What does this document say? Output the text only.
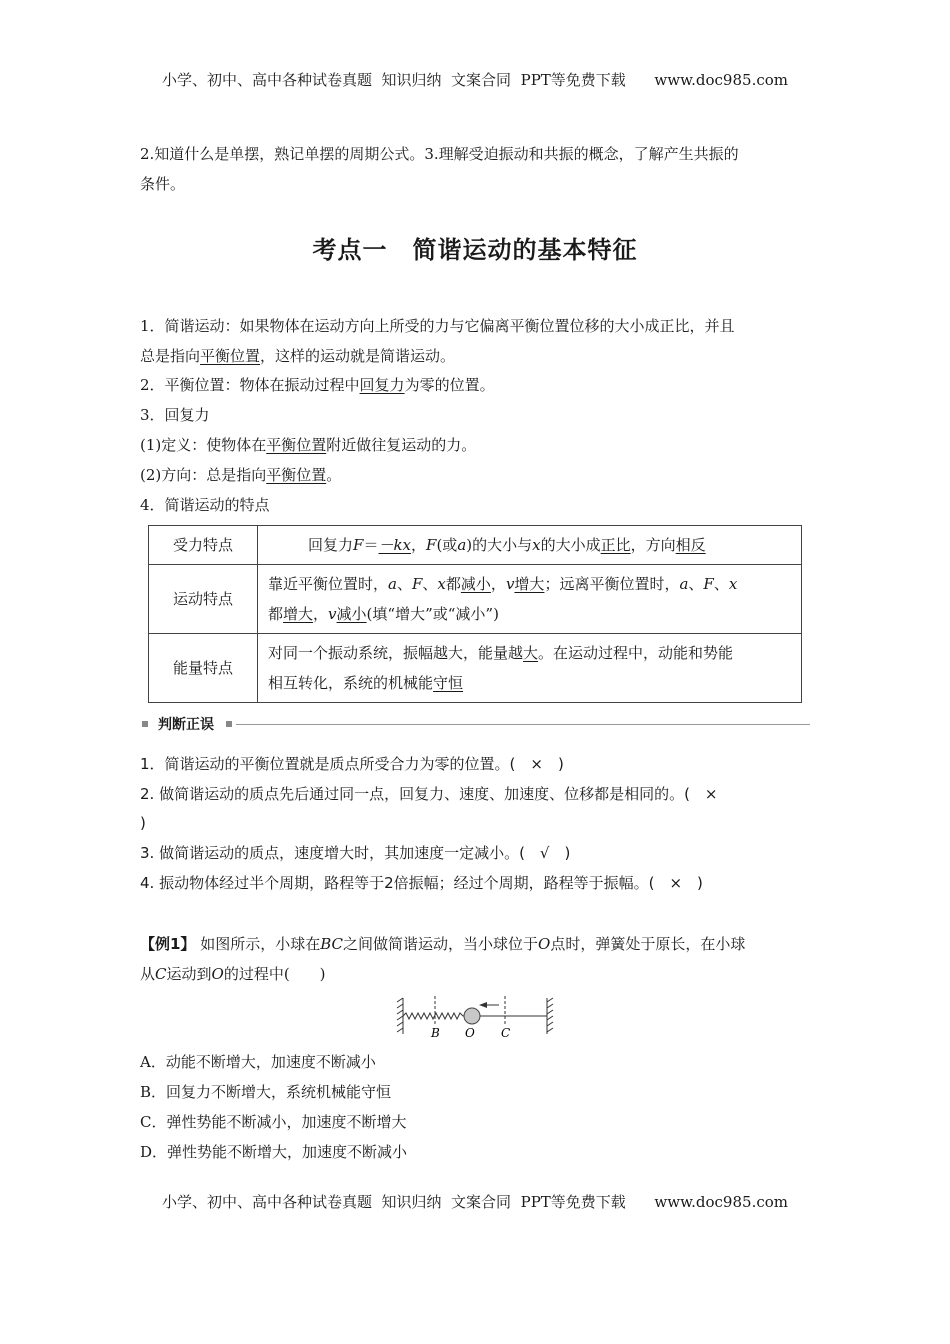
小学、初中、高中各种试卷真题  知识归纳  文案合同  PPT等免费下载      www.doc985.com
2.知道什么是单摆，熟记单摆的周期公式。3.理解受迫振动和共振的概念，了解产生共振的
条件。
考点一　简谐运动的基本特征
1．简谐运动：如果物体在运动方向上所受的力与它偏离平衡位置位移的大小成正比，并且
总是指向平衡位置，这样的运动就是简谐运动。
2．平衡位置：物体在振动过程中回复力为零的位置。
3．回复力
(1)定义：使物体在平衡位置附近做往复运动的力。
(2)方向：总是指向平衡位置。
4．简谐运动的特点
受力特点	回复力F＝－kx，F(或a)的大小与x的大小成正比，方向相反
运动特点	靠近平衡位置时，a、F、x都减小，v增大；远离平衡位置时，a、F、x
都增大，v减小(填“增大”或“减小”)
能量特点	对同一个振动系统，振幅越大，能量越大。在运动过程中，动能和势能
相互转化，系统的机械能守恒
判断正误
1．简谐运动的平衡位置就是质点所受合力为零的位置。(　×　)
2. 做简谐运动的质点先后通过同一点，回复力、速度、加速度、位移都是相同的。(　×
)
3. 做简谐运动的质点，速度增大时，其加速度一定减小。(　√　)
4. 振动物体经过半个周期，路程等于2倍振幅；经过个周期，路程等于振幅。(　×　)
【例1】 如图所示，小球在BC之间做简谐运动，当小球位于O点时，弹簧处于原长，在小球
从C运动到O的过程中(　　)
B O C
A．动能不断增大，加速度不断减小
B．回复力不断增大，系统机械能守恒
C．弹性势能不断减小，加速度不断增大
D．弹性势能不断增大，加速度不断减小
小学、初中、高中各种试卷真题  知识归纳  文案合同  PPT等免费下载      www.doc985.com
